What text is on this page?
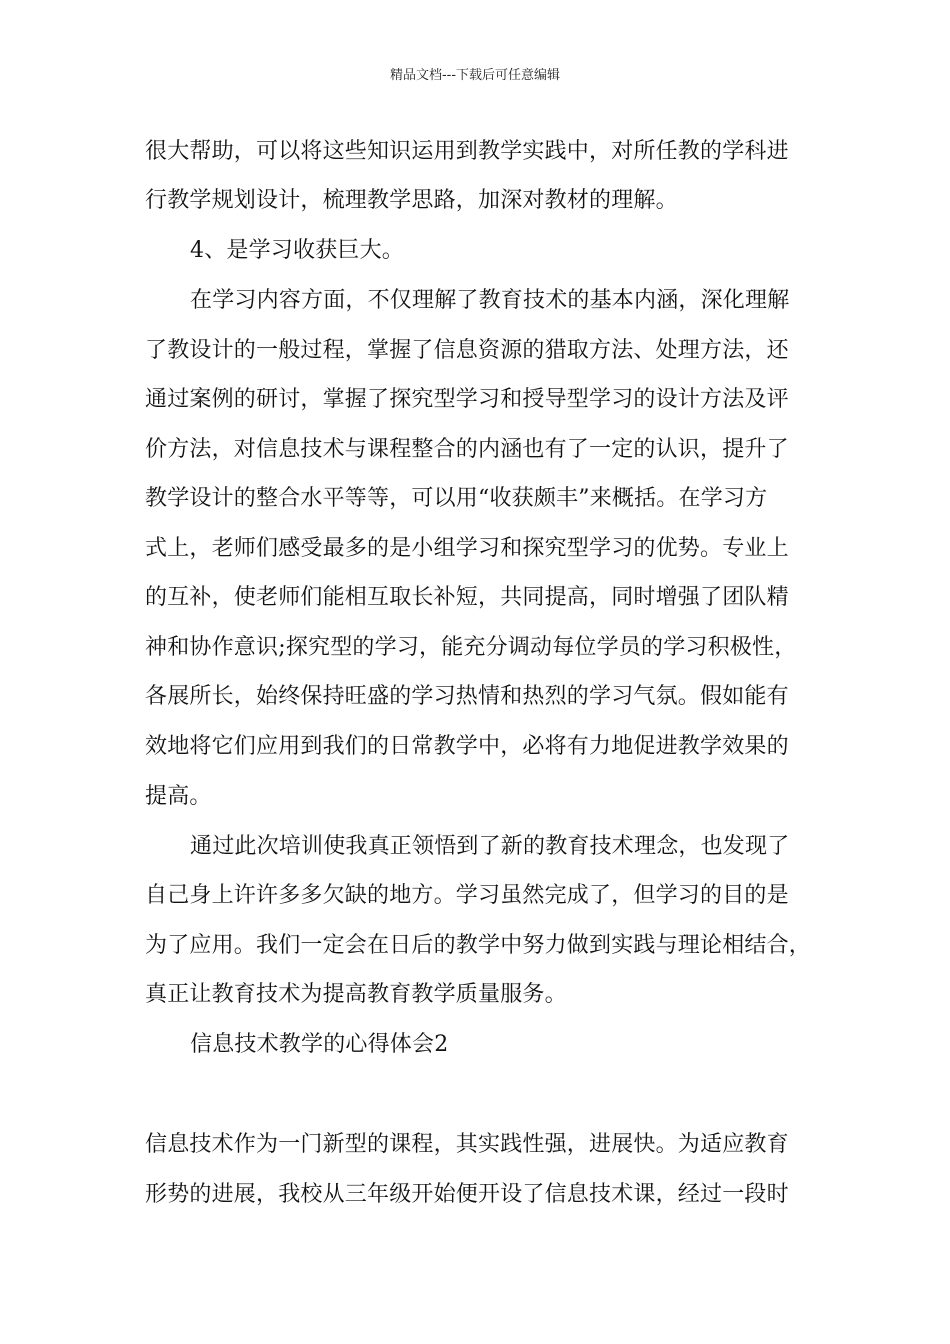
精品文档---下载后可任意编辑
很大帮助，可以将这些知识运用到教学实践中，对所任教的学科进
行教学规划设计，梳理教学思路，加深对教材的理解。
4、是学习收获巨大。
在学习内容方面，不仅理解了教育技术的基本内涵，深化理解
了教设计的一般过程，掌握了信息资源的猎取方法、处理方法，还
通过案例的研讨，掌握了探究型学习和授导型学习的设计方法及评
价方法，对信息技术与课程整合的内涵也有了一定的认识，提升了
教学设计的整合水平等等，可以用“收获颇丰”来概括。在学习方
式上，老师们感受最多的是小组学习和探究型学习的优势。专业上
的互补，使老师们能相互取长补短，共同提高，同时增强了团队精
神和协作意识;探究型的学习，能充分调动每位学员的学习积极性，
各展所长，始终保持旺盛的学习热情和热烈的学习气氛。假如能有
效地将它们应用到我们的日常教学中，必将有力地促进教学效果的
提高。
通过此次培训使我真正领悟到了新的教育技术理念，也发现了
自己身上许许多多欠缺的地方。学习虽然完成了，但学习的目的是
为了应用。我们一定会在日后的教学中努力做到实践与理论相结合，
真正让教育技术为提高教育教学质量服务。
信息技术教学的心得体会2
信息技术作为一门新型的课程，其实践性强，进展快。为适应教育
形势的进展，我校从三年级开始便开设了信息技术课，经过一段时
